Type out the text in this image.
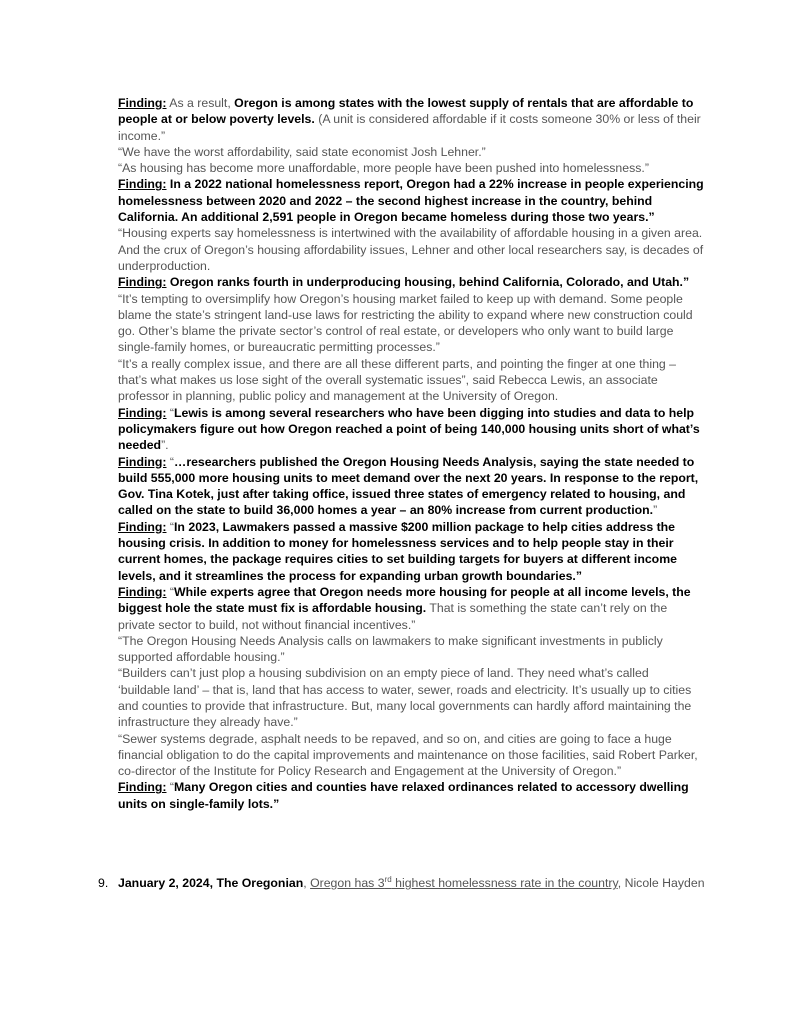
Finding: As a result, Oregon is among states with the lowest supply of rentals that are affordable to people at or below poverty levels. (A unit is considered affordable if it costs someone 30% or less of their income.”

“We have the worst affordability, said state economist Josh Lehner.”

“As housing has become more unaffordable, more people have been pushed into homelessness.”

Finding: In a 2022 national homelessness report, Oregon had a 22% increase in people experiencing homelessness between 2020 and 2022 – the second highest increase in the country, behind California. An additional 2,591 people in Oregon became homeless during those two years.”

“Housing experts say homelessness is intertwined with the availability of affordable housing in a given area. And the crux of Oregon’s housing affordability issues, Lehner and other local researchers say, is decades of underproduction.

Finding: Oregon ranks fourth in underproducing housing, behind California, Colorado, and Utah.”

“It’s tempting to oversimplify how Oregon’s housing market failed to keep up with demand. Some people blame the state’s stringent land-use laws for restricting the ability to expand where new construction could go. Other’s blame the private sector’s control of real estate, or developers who only want to build large single-family homes, or bureaucratic permitting processes.”

“It’s a really complex issue, and there are all these different parts, and pointing the finger at one thing – that’s what makes us lose sight of the overall systematic issues”, said Rebecca Lewis, an associate professor in planning, public policy and management at the University of Oregon.

Finding: “Lewis is among several researchers who have been digging into studies and data to help policymakers figure out how Oregon reached a point of being 140,000 housing units short of what’s needed”.

Finding: “…researchers published the Oregon Housing Needs Analysis, saying the state needed to build 555,000 more housing units to meet demand over the next 20 years. In response to the report, Gov. Tina Kotek, just after taking office, issued three states of emergency related to housing, and called on the state to build 36,000 homes a year – an 80% increase from current production.”

Finding: “In 2023, Lawmakers passed a massive $200 million package to help cities address the housing crisis. In addition to money for homelessness services and to help people stay in their current homes, the package requires cities to set building targets for buyers at different income levels, and it streamlines the process for expanding urban growth boundaries.”

Finding: “While experts agree that Oregon needs more housing for people at all income levels, the biggest hole the state must fix is affordable housing. That is something the state can’t rely on the private sector to build, not without financial incentives.”

“The Oregon Housing Needs Analysis calls on lawmakers to make significant investments in publicly supported affordable housing.”

“Builders can’t just plop a housing subdivision on an empty piece of land. They need what’s called ‘buildable land’ – that is, land that has access to water, sewer, roads and electricity. It’s usually up to cities and counties to provide that infrastructure. But, many local governments can hardly afford maintaining the infrastructure they already have.”

“Sewer systems degrade, asphalt needs to be repaved, and so on, and cities are going to face a huge financial obligation to do the capital improvements and maintenance on those facilities, said Robert Parker, co-director of the Institute for Policy Research and Engagement at the University of Oregon.”

Finding: “Many Oregon cities and counties have relaxed ordinances related to accessory dwelling units on single-family lots.”

9. January 2, 2024, The Oregonian, Oregon has 3rd highest homelessness rate in the country, Nicole Hayden
